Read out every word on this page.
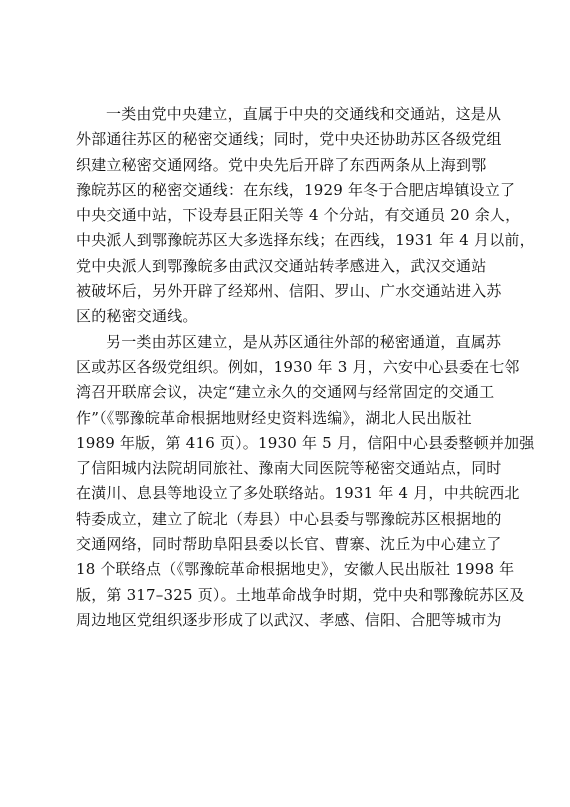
一类由党中央建立，直属于中央的交通线和交通站，这是从
外部通往苏区的秘密交通线；同时，党中央还协助苏区各级党组
织建立秘密交通网络。党中央先后开辟了东西两条从上海到鄂
豫皖苏区的秘密交通线：在东线，1929 年冬于合肥店埠镇设立了
中央交通中站，下设寿县正阳关等 4 个分站，有交通员 20 余人，
中央派人到鄂豫皖苏区大多选择东线；在西线，1931 年 4 月以前，
党中央派人到鄂豫皖多由武汉交通站转孝感进入，武汉交通站
被破坏后，另外开辟了经郑州、信阳、罗山、广水交通站进入苏
区的秘密交通线。
另一类由苏区建立，是从苏区通往外部的秘密通道，直属苏
区或苏区各级党组织。例如，1930 年 3 月，六安中心县委在七邻
湾召开联席会议，决定“建立永久的交通网与经常固定的交通工
作”（《鄂豫皖革命根据地财经史资料选编》，湖北人民出版社
1989 年版，第 416 页）。1930 年 5 月，信阳中心县委整顿并加强
了信阳城内法院胡同旅社、豫南大同医院等秘密交通站点，同时
在潢川、息县等地设立了多处联络站。1931 年 4 月，中共皖西北
特委成立，建立了皖北（寿县）中心县委与鄂豫皖苏区根据地的
交通网络，同时帮助阜阳县委以长官、曹寨、沈丘为中心建立了
18 个联络点（《鄂豫皖革命根据地史》，安徽人民出版社 1998 年
版，第 317–325 页）。土地革命战争时期，党中央和鄂豫皖苏区及
周边地区党组织逐步形成了以武汉、孝感、信阳、合肥等城市为
